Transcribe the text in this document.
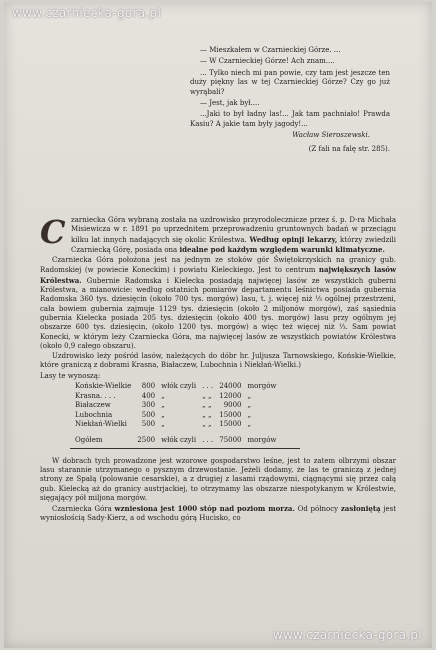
www.czarniecka-gora.pl

— Mieszkałem w Czarnieckiej Górze. ...

— W Czarnieckiej Górze! Ach znam....

... Tylko niech mi pan powie, czy tam jest jeszcze ten duży piękny las w tej Czarnieckiej Górze? Czy go już wyrąbali?

— Jest, jak był....

...Jaki to był ładny las!... Jak tam pachniało! Prawda Kasiu? A jakie tam były jagody!...

Wacław Sieroszewski.

(Z fali na falę str. 285).

C zarniecka Góra wybraną została na uzdrowisko przyrodoleczniczе przez ś. p. D-ra Michała Misiewicza w r. 1891 po uprzednitem przeprowadzeniu gruntownych badań w przeciągu kilku lat innych nadających się okolic Królestwa. Według opinji lekarzy, którzy zwiedzili Czarniecką Górę, posiada ona idealne pod każdym względem warunki klimatyczne.

Czarniecka Góra położona jest na jednym ze stoków gór Świętokrzyskich na granicy gub. Radomskiej (w powiecie Koneckim) i powiatu Kieleckiego. Jest to centrum największych lasów Królestwa. Gubernie Radomska i Kielecka posiadają najwięcej lasów ze wszystkich guberni Królestwa, a mianowicie: według ostatnich pomiarów departamentu leśnictwa posiada gubernia Radomska 360 tys. dziesięcin (około 700 tys. morgów) lasu, t. j. więcej niż ⅓ ogólnej przestrzeni, cała bowiem gubernia zajmuje 1129 tys. dziesięcin (około 2 miljonów morgów), zaś sąsiednia gubernia Kielecka posiada 205 tys. dziesięcin (około 400 tys. morgów) lasu przy ogólnym jej obszarze 600 tys. dziesięcin, (około 1200 tys. morgów) a więc też więcej niż ⅓. Sam powiat Konecki, w którym leży Czarniecka Góra, ma najwięcej lasów ze wszystkich powiatów Królestwa (około 0,9 całego obszaru).

Uzdrowisko leży pośród lasów, należących do dóbr hr. Juljusza Tarnowskiego, Końskie-Wielkie, które graniczą z dobrami Krasna, Białaczew, Lubochnia i Niekłań-Wielki.)

Lasy te wynoszą:

Końskie-Wielkie	800	włók czyli	. . .	24000	morgów
Krasna. . . .	400	„	„ „	12000	„
Białaczew	300	„	„ „	9000	„
Lubochnia	500	„	„ „	15000	„
Niekłań-Wielki	500	„	„ „	15000	„
Ogółem	2500	włók czyli	. . .	75000	morgów

W dobrach tych prowadzone jest wzorowe gospodarstwo leśne, jest to zatem olbrzymi obszar lasu starannie utrzymanego o pysznym drzewostanie. Jeżeli dodamy, że las te graniczą z jednej strony ze Spałą (polowanie cesarskie), a z drugiej z lasami rządowymi, ciągnącymi się przez całą gub. Kielecką aż do granicy austrjackiej, to otrzymamy las obszarze niespotykanym w Królestwie, sięgający pół miljona morgów.

Czarniecka Góra wzniesiona jest 1000 stóp nad poziom morza. Od północy zasłoniętą jest wyniosłością Sady-Kierz, a od wschodu górą Hucisko, co

www.czarniecka-gora.pl
